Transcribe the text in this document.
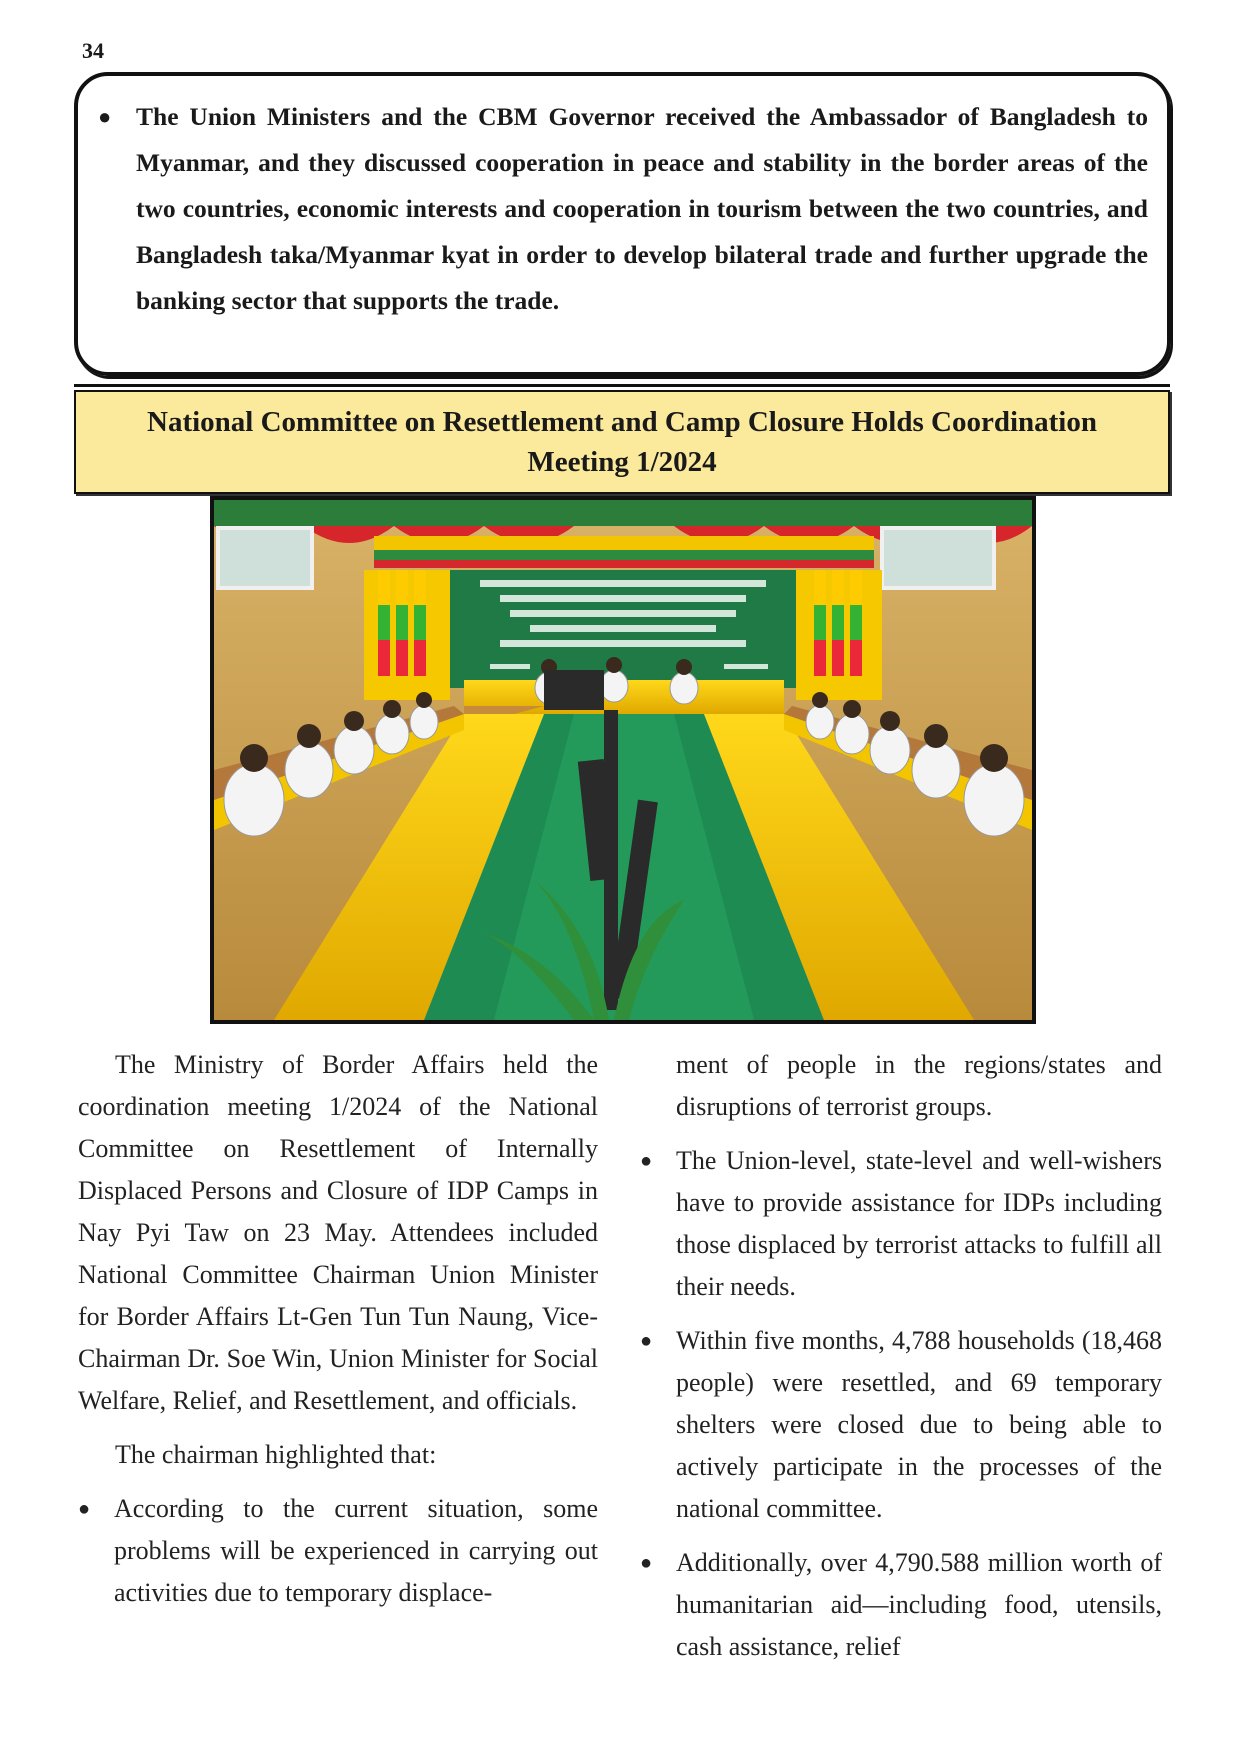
34
● The Union Ministers and the CBM Governor received the Ambassador of Bangladesh to Myanmar, and they discussed cooperation in peace and stability in the border areas of the two countries, economic interests and cooperation in tourism between the two countries, and Bangladesh taka/Myanmar kyat in order to develop bilateral trade and further upgrade the banking sector that supports the trade.
National Committee on Resettlement and Camp Closure Holds Coordination Meeting 1/2024

The Ministry of Border Affairs held the coordination meeting 1/2024 of the National Committee on Resettlement of Internally Displaced Persons and Closure of IDP Camps in Nay Pyi Taw on 23 May. Attendees included National Committee Chairman Union Minister for Border Affairs Lt-Gen Tun Tun Naung, Vice-Chairman Dr. Soe Win, Union Minister for Social Welfare, Relief, and Resettlement, and officials.

The chairman highlighted that:

● According to the current situation, some problems will be experienced in carrying out activities due to temporary displace-

ment of people in the regions/states and disruptions of terrorist groups.

● The Union-level, state-level and well-wishers have to provide assistance for IDPs including those displaced by terrorist attacks to fulfill all their needs.
● Within five months, 4,788 households (18,468 people) were resettled, and 69 temporary shelters were closed due to being able to actively participate in the processes of the national committee.
● Additionally, over 4,790.588 million worth of humanitarian aid—including food, utensils, cash assistance, relief
